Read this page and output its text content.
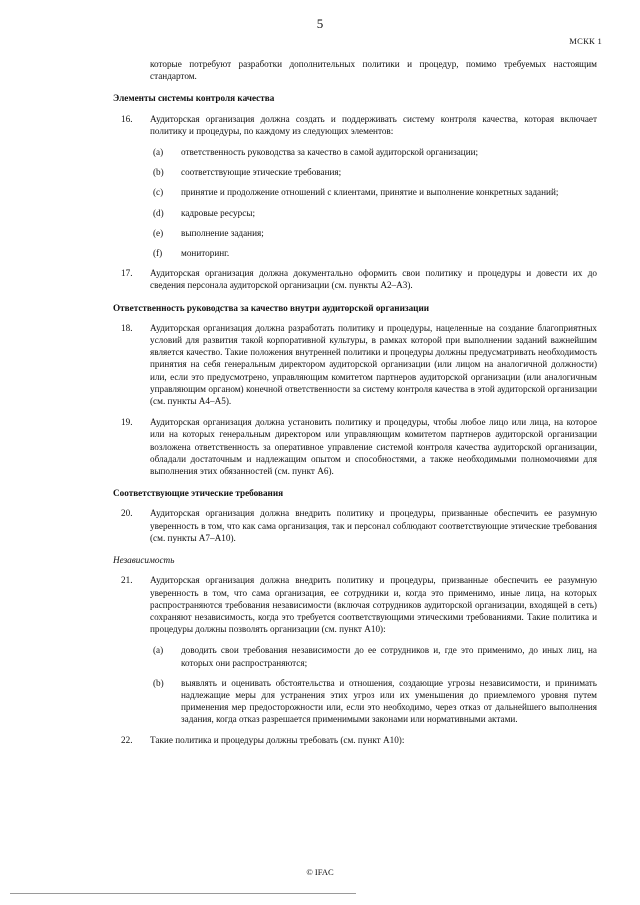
5
МСКК 1
которые потребуют разработки дополнительных политики и процедур, помимо требуемых настоящим стандартом.
Элементы системы контроля качества
16.	Аудиторская организация должна создать и поддерживать систему контроля качества, которая включает политику и процедуры, по каждому из следующих элементов:
(a)	ответственность руководства за качество в самой аудиторской организации;
(b)	соответствующие этические требования;
(c)	принятие и продолжение отношений с клиентами, принятие и выполнение конкретных заданий;
(d)	кадровые ресурсы;
(e)	выполнение задания;
(f)	мониторинг.
17.	Аудиторская организация должна документально оформить свои политику и процедуры и довести их до сведения персонала аудиторской организации (см. пункты А2–А3).
Ответственность руководства за качество внутри аудиторской организации
18.	Аудиторская организация должна разработать политику и процедуры, нацеленные на создание благоприятных условий для развития такой корпоративной культуры, в рамках которой при выполнении заданий важнейшим является качество. Такие положения внутренней политики и процедуры должны предусматривать необходимость принятия на себя генеральным директором аудиторской организации (или лицом на аналогичной должности) или, если это предусмотрено, управляющим комитетом партнеров аудиторской организации (или аналогичным управляющим органом) конечной ответственности за систему контроля качества в этой аудиторской организации (см. пункты А4–А5).
19.	Аудиторская организация должна установить политику и процедуры, чтобы любое лицо или лица, на которое или на которых генеральным директором или управляющим комитетом партнеров аудиторской организации возложена ответственность за оперативное управление системой контроля качества аудиторской организации, обладали достаточным и надлежащим опытом и способностями, а также необходимыми полномочиями для выполнения этих обязанностей (см. пункт А6).
Соответствующие этические требования
20.	Аудиторская организация должна внедрить политику и процедуры, призванные обеспечить ее разумную уверенность в том, что как сама организация, так и персонал соблюдают соответствующие этические требования (см. пункты А7–А10).
Независимость
21.	Аудиторская организация должна внедрить политику и процедуры, призванные обеспечить ее разумную уверенность в том, что сама организация, ее сотрудники и, когда это применимо, иные лица, на которых распространяются требования независимости (включая сотрудников аудиторской организации, входящей в сеть) сохраняют независимость, когда это требуется соответствующими этическими требованиями. Такие политика и процедуры должны позволять организации (см. пункт А10):
(a)	доводить свои требования независимости до ее сотрудников и, где это применимо, до иных лиц, на которых они распространяются;
(b)	выявлять и оценивать обстоятельства и отношения, создающие угрозы независимости, и принимать надлежащие меры для устранения этих угроз или их уменьшения до приемлемого уровня путем применения мер предосторожности или, если это необходимо, через отказ от дальнейшего выполнения задания, когда отказ разрешается применимыми законами или нормативными актами.
22.	Такие политика и процедуры должны требовать (см. пункт А10):
© IFAC
